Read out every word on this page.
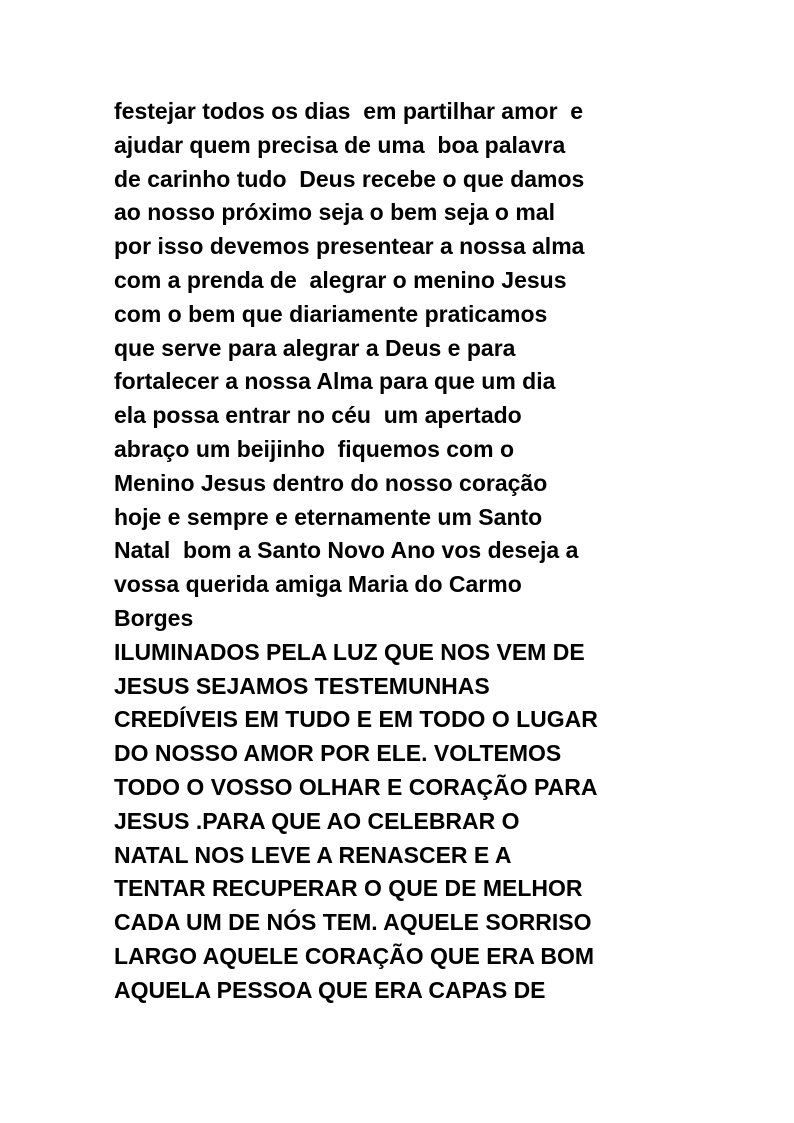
festejar todos os dias  em partilhar amor  e
ajudar quem precisa de uma  boa palavra
de carinho tudo  Deus recebe o que damos
ao nosso próximo seja o bem seja o mal
por isso devemos presentear a nossa alma
com a prenda de  alegrar o menino Jesus
com o bem que diariamente praticamos
que serve para alegrar a Deus e para
fortalecer a nossa Alma para que um dia
ela possa entrar no céu  um apertado
abraço um beijinho  fiquemos com o
Menino Jesus dentro do nosso coração
hoje e sempre e eternamente um Santo
Natal  bom a Santo Novo Ano vos deseja a
vossa querida amiga Maria do Carmo
Borges
ILUMINADOS PELA LUZ QUE NOS VEM DE
JESUS SEJAMOS TESTEMUNHAS
CREDÍVEIS EM TUDO E EM TODO O LUGAR
DO NOSSO AMOR POR ELE. VOLTEMOS
TODO O VOSSO OLHAR E CORAÇÃO PARA
JESUS .PARA QUE AO CELEBRAR O
NATAL NOS LEVE A RENASCER E A
TENTAR RECUPERAR O QUE DE MELHOR
CADA UM DE NÓS TEM. AQUELE SORRISO
LARGO AQUELE CORAÇÃO QUE ERA BOM
AQUELA PESSOA QUE ERA CAPAS DE
